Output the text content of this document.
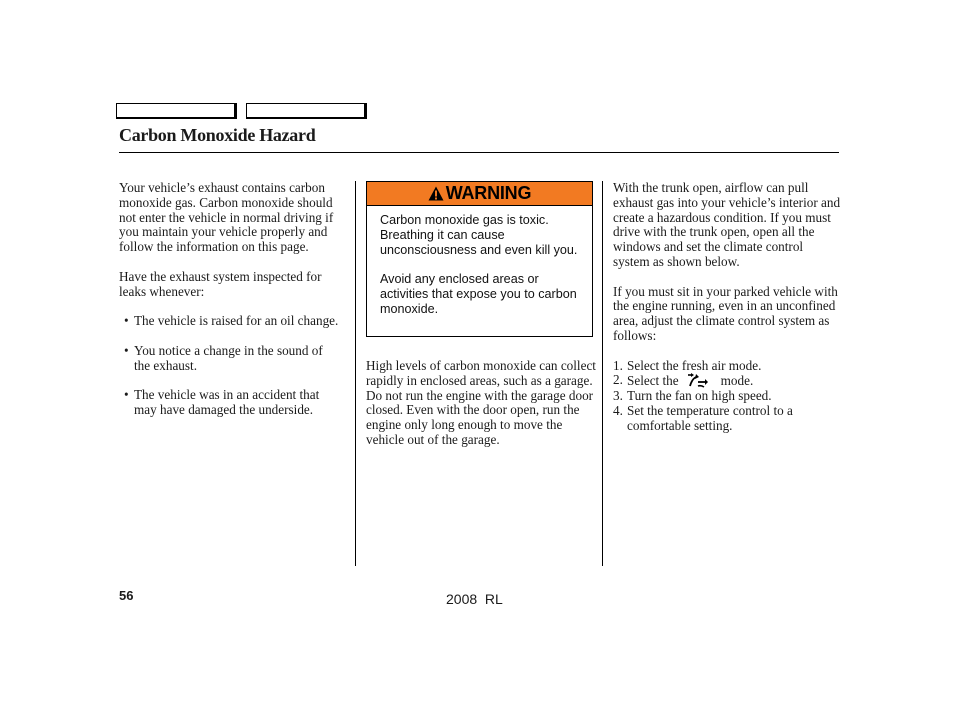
Carbon Monoxide Hazard

Your vehicle’s exhaust contains carbon monoxide gas. Carbon monoxide should not enter the vehicle in normal driving if you maintain your vehicle properly and follow the information on this page.

Have the exhaust system inspected for leaks whenever:

• The vehicle is raised for an oil change.
• You notice a change in the sound of the exhaust.
• The vehicle was in an accident that may have damaged the underside.
WARNING

Carbon monoxide gas is toxic. Breathing it can cause unconsciousness and even kill you.

Avoid any enclosed areas or activities that expose you to carbon monoxide.

High levels of carbon monoxide can collect rapidly in enclosed areas, such as a garage. Do not run the engine with the garage door closed. Even with the door open, run the engine only long enough to move the vehicle out of the garage.

With the trunk open, airflow can pull exhaust gas into your vehicle’s interior and create a hazardous condition. If you must drive with the trunk open, open all the windows and set the climate control system as shown below.

If you must sit in your parked vehicle with the engine running, even in an unconfined area, adjust the climate control system as follows:

1. Select the fresh air mode.
2. Select the	mode.
3. Turn the fan on high speed.
4. Set the temperature control to a comfortable setting.
56	2008  RL
